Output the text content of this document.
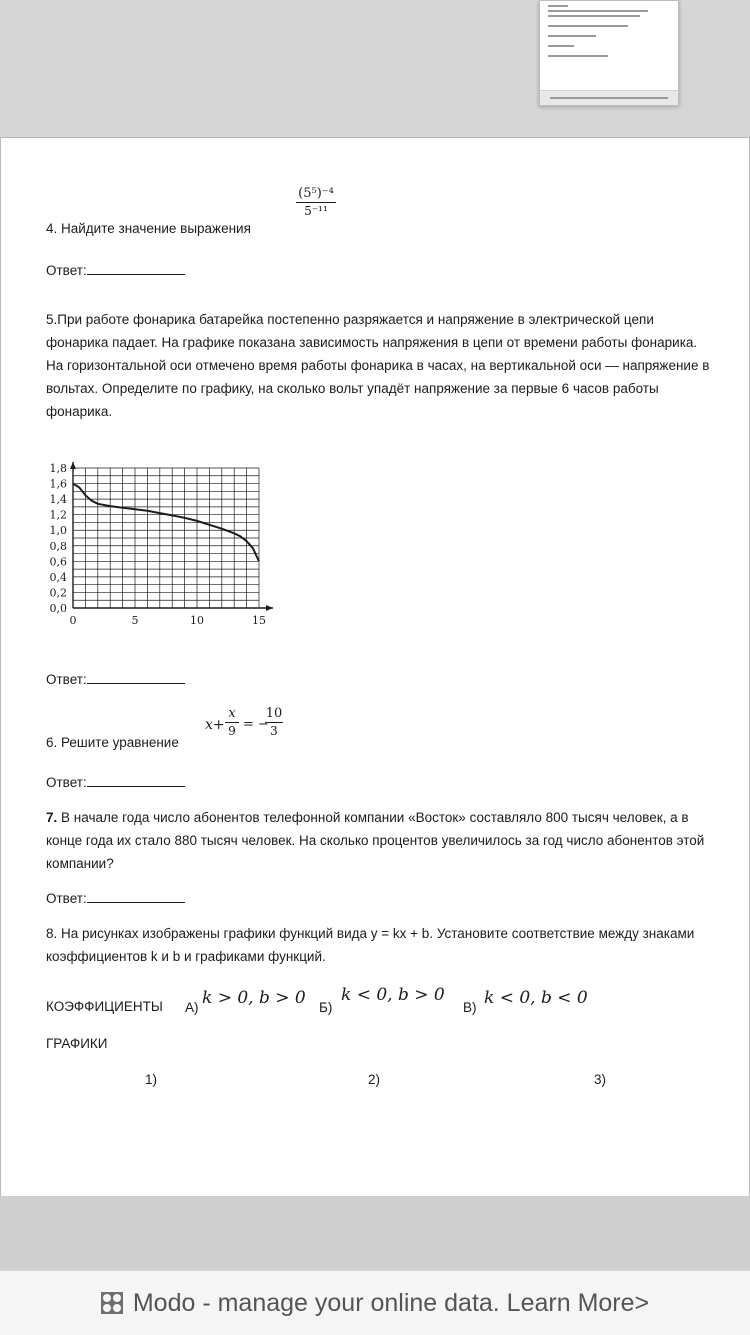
4. Найдите значение выражения
(5⁵)⁻⁴
5⁻¹¹
Ответ:
5.При работе фонарика батарейка постепенно разряжается и напряжение в электрической цепи фонарика падает. На графике показана зависимость напряжения в цепи от времени работы фонарика. На горизонтальной оси отмечено время работы фонарика в часах, на вертикальной оси — напряжение в вольтах. Определите по графику, на сколько вольт упадёт напряжение за первые 6 часов работы фонарика.
0,0
0,2
0,4
0,6
0,8
1,0
1,2
1,4
1,6
1,8
0	5	10	15
Ответ:
6. Решите уравнение
x+
x
9 = −
10
3
Ответ:
7. В начале года число абонентов телефонной компании «Восток» составляло 800 тысяч человек, а в конце года их стало 880 тысяч человек. На сколько процентов увеличилось за год число абонентов этой компании?
Ответ:
8. На рисунках изображены графики функций вида y = kx + b. Установите соответствие между знаками коэффициентов k и b и графиками функций.
КОЭФФИЦИЕНТЫ А) k > 0, b > 0 Б)
k < 0, b > 0
В) k < 0, b < 0
ГРАФИКИ
1)	2)	3)
Modo - manage your online data. Learn More>
